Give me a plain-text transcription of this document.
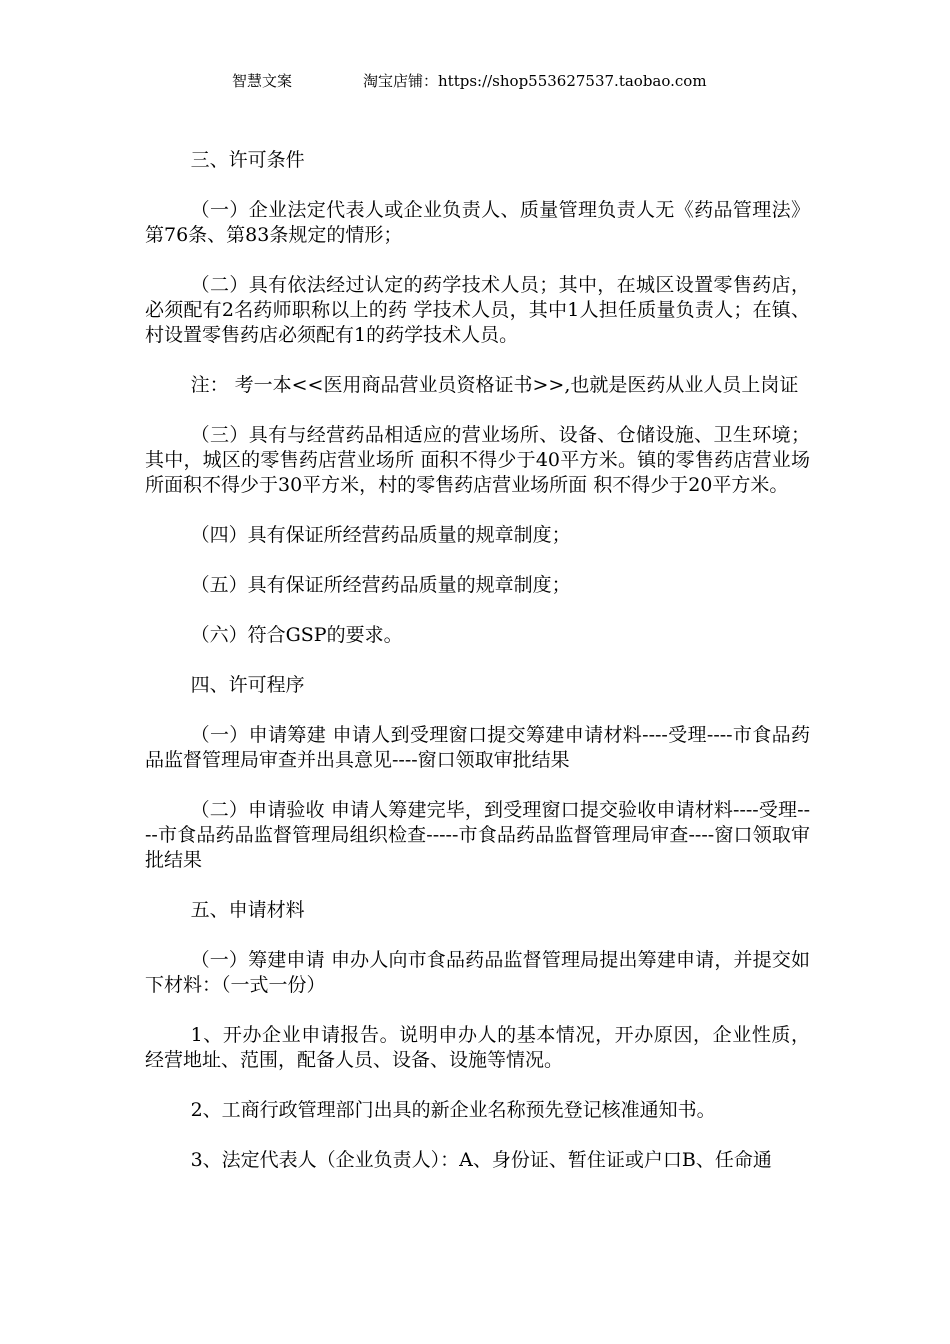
智慧文案	淘宝店铺：https://shop553627537.taobao.com

三、许可条件

（一）企业法定代表人或企业负责人、质量管理负责人无《药品管理法》第76条、第83条规定的情形；

（二）具有依法经过认定的药学技术人员；其中，在城区设置零售药店，必须配有2名药师职称以上的药 学技术人员，其中1人担任质量负责人；在镇、村设置零售药店必须配有1的药学技术人员。

注： 考一本<<医用商品营业员资格证书>>,也就是医药从业人员上岗证

（三）具有与经营药品相适应的营业场所、设备、仓储设施、卫生环境；其中，城区的零售药店营业场所 面积不得少于40平方米。镇的零售药店营业场所面积不得少于30平方米，村的零售药店营业场所面 积不得少于20平方米。

（四）具有保证所经营药品质量的规章制度；

（五）具有保证所经营药品质量的规章制度；

（六）符合GSP的要求。

四、许可程序

（一）申请筹建 申请人到受理窗口提交筹建申请材料----受理----市食品药品监督管理局审查并出具意见----窗口领取审批结果

（二）申请验收 申请人筹建完毕，到受理窗口提交验收申请材料----受理----市食品药品监督管理局组织检查-----市食品药品监督管理局审查----窗口领取审批结果

五、申请材料

（一）筹建申请 申办人向市食品药品监督管理局提出筹建申请，并提交如下材料：（一式一份）

1、开办企业申请报告。说明申办人的基本情况，开办原因，企业性质，经营地址、范围，配备人员、设备、设施等情况。

2、工商行政管理部门出具的新企业名称预先登记核准通知书。

3、法定代表人（企业负责人）：A、身份证、暂住证或户口B、任命通
